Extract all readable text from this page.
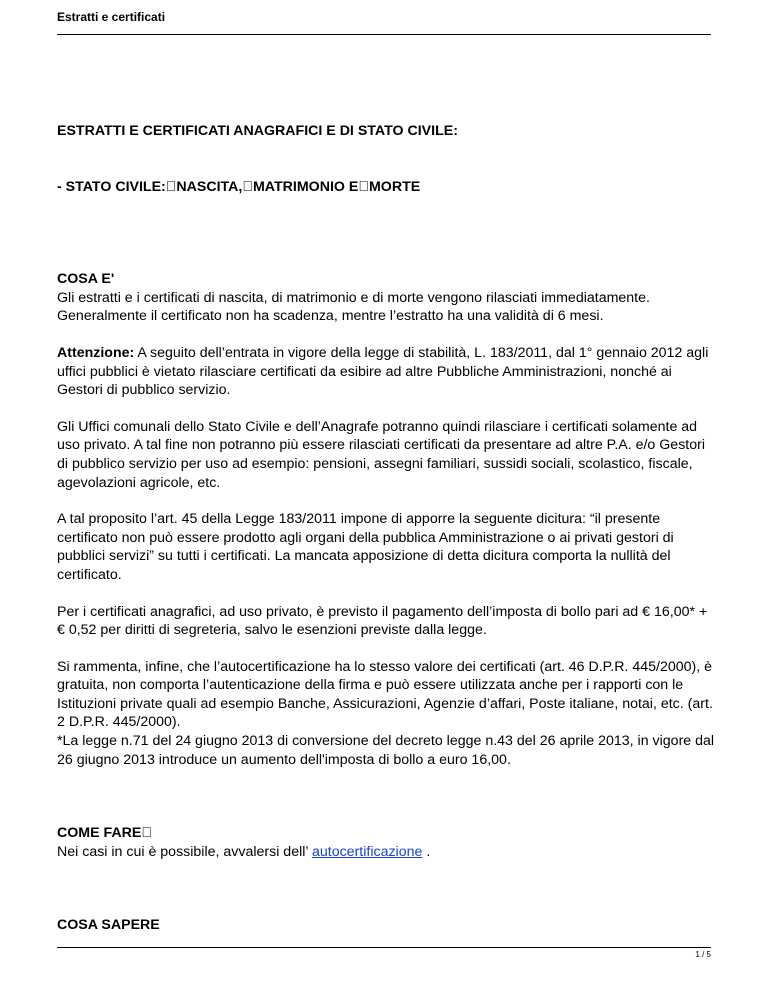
Estratti e certificati

ESTRATTI E CERTIFICATI ANAGRAFICI E DI STATO CIVILE:

- STATO CIVILE: NASCITA, MATRIMONIO E MORTE

COSA E'

Gli estratti e i certificati di nascita, di matrimonio e di morte vengono rilasciati immediatamente. Generalmente il certificato non ha scadenza, mentre l’estratto ha una validità di 6 mesi.

Attenzione: A seguito dell’entrata in vigore della legge di stabilità, L. 183/2011, dal 1° gennaio 2012 agli uffici pubblici è vietato rilasciare certificati da esibire ad altre Pubbliche Amministrazioni, nonché ai Gestori di pubblico servizio.

Gli Uffici comunali dello Stato Civile e dell’Anagrafe potranno quindi rilasciare i certificati solamente ad uso privato. A tal fine non potranno più essere rilasciati certificati da presentare ad altre P.A. e/o Gestori di pubblico servizio per uso ad esempio: pensioni, assegni familiari, sussidi sociali, scolastico, fiscale, agevolazioni agricole, etc.

A tal proposito l’art. 45 della Legge 183/2011 impone di apporre la seguente dicitura: “il presente certificato non può essere prodotto agli organi della pubblica Amministrazione o ai privati gestori di pubblici servizi” su tutti i certificati. La mancata apposizione di detta dicitura comporta la nullità del certificato.

Per i certificati anagrafici, ad uso privato, è previsto il pagamento dell’imposta di bollo pari ad € 16,00* + € 0,52 per diritti di segreteria, salvo le esenzioni previste dalla legge.

Si rammenta, infine, che l’autocertificazione ha lo stesso valore dei certificati (art. 46 D.P.R. 445/2000), è gratuita, non comporta l’autenticazione della firma e può essere utilizzata anche per i rapporti con le Istituzioni private quali ad esempio Banche, Assicurazioni, Agenzie d’affari, Poste italiane, notai, etc. (art. 2 D.P.R. 445/2000).

*La legge n.71 del 24 giugno 2013 di conversione del decreto legge n.43 del 26 aprile 2013, in vigore dal 26 giugno 2013 introduce un aumento dell'imposta di bollo a euro 16,00.

COME FARE 

Nei casi in cui è possibile, avvalersi dell’ autocertificazione .

COSA SAPERE

1 / 5
